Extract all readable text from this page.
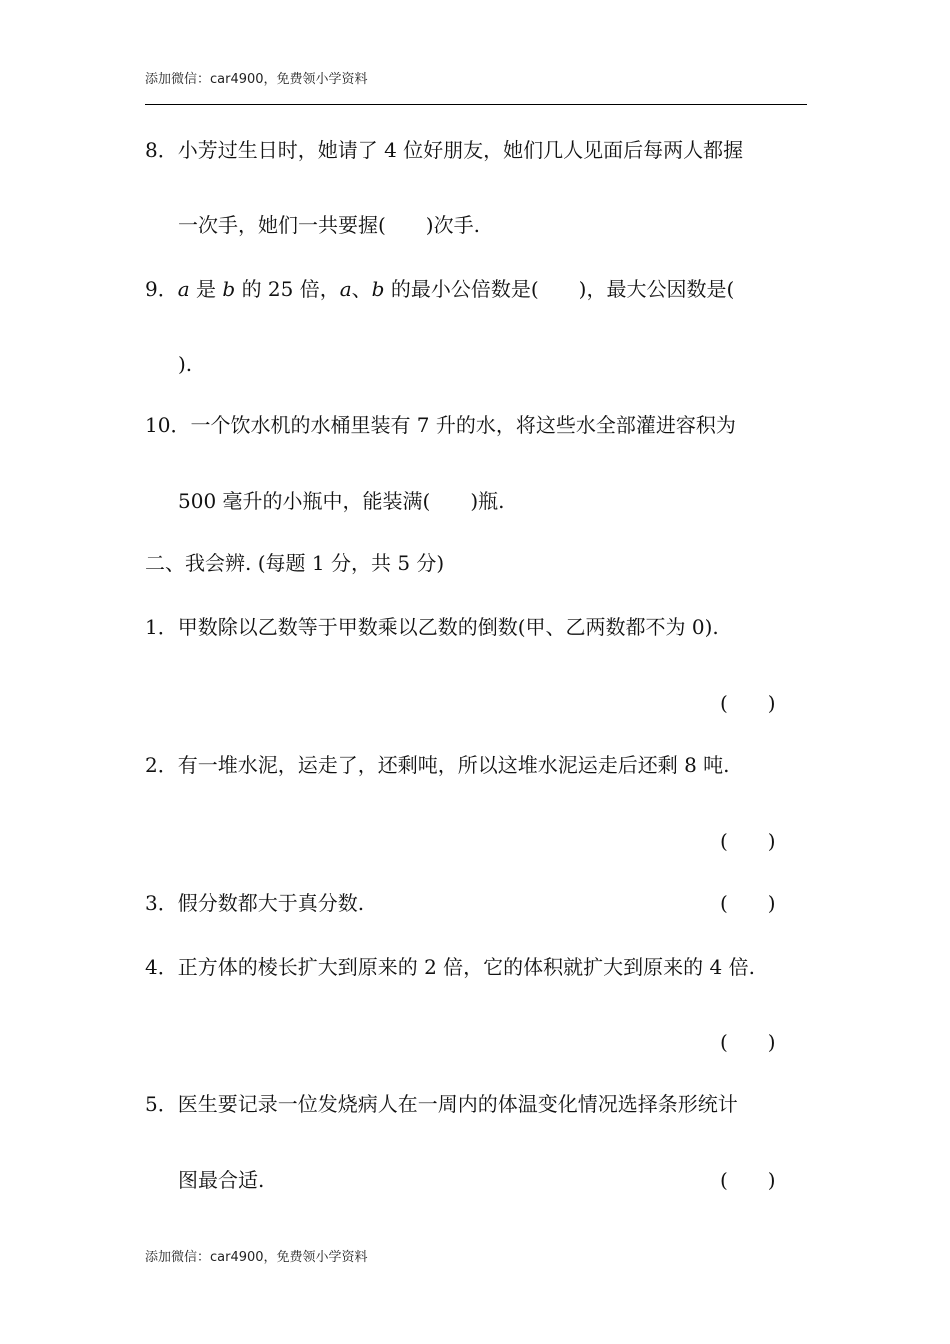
添加微信：car4900，免费领小学资料
8．小芳过生日时，她请了 4 位好朋友，她们几人见面后每两人都握
一次手，她们一共要握(　　)次手.
9．a 是 b 的 25 倍，a、b 的最小公倍数是(　　)，最大公因数是(
).
10．一个饮水机的水桶里装有 7 升的水，将这些水全部灌进容积为
500 毫升的小瓶中，能装满(　　)瓶.
二、我会辨. (每题 1 分，共 5 分)
1．甲数除以乙数等于甲数乘以乙数的倒数(甲、乙两数都不为 0).
(　　)
2．有一堆水泥，运走了，还剩吨，所以这堆水泥运走后还剩 8 吨.
(　　)
3．假分数都大于真分数.	(　　)
4．正方体的棱长扩大到原来的 2 倍，它的体积就扩大到原来的 4 倍.
(　　)
5．医生要记录一位发烧病人在一周内的体温变化情况选择条形统计
图最合适.	(　　)
添加微信：car4900，免费领小学资料
